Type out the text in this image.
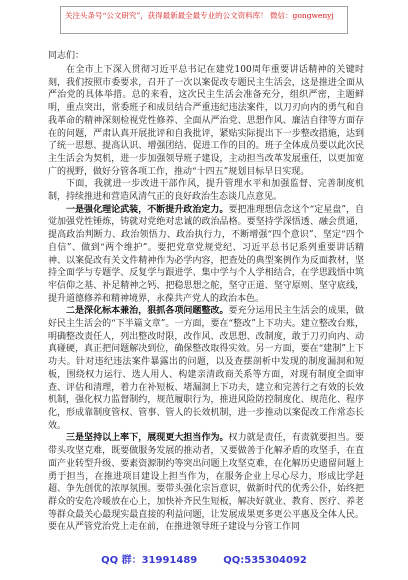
关注头条号“公文研究”，获得最新最全最专业的公文资料库！ 微信：gongwenyj
同志们：

在全市上下深入贯彻习近平总书记在建党100周年重要讲话精神的关键时刻，我们按照市委要求，召开了一次以案促改专题民主生活会，这是推进全面从严治党的具体举措。总的来看，这次民主生活会准备充分，组织严密，主题鲜明，重点突出，常委班子和成员结合严重违纪违法案件，以刀刃向内的勇气和自我革命的精神深刻检视党性修养、全面从严治党、思想作风、廉洁自律等方面存在的问题，严肃认真开展批评和自我批评，紧贴实际提出下一步整改措施，达到了统一思想、提高认识、增强团结、促进工作的目的。班子全体成员要以此次民主生活会为契机，进一步加强领导班子建设，主动担当改革发展重任，以更加宽广的视野，做好分管各项工作，推动“十四五”规划目标早日实现。

下面，我就进一步改进干部作风，提升管理水平和加强监督、完善制度机制，持续推进和营造风清气正的良好政治生态谈几点意见。

一是强化理论武装，不断提升政治定力。要把准理想信念这个“定星盘”，自觉加强党性锤炼，铸就对党绝对忠诚的政治品格。要坚持学深悟透、融会贯通，提高政治判断力、政治领悟力、政治执行力，不断增强“四个意识”、坚定“四个自信”、做到“两个维护”。要把党章党规党纪、习近平总书记系列重要讲话精神、以案促改有关文件精神作为必学内容，把查处的典型案例作为反面教材，坚持全面学与专题学、反复学与跟进学、集中学与个人学相结合，在学思践悟中筑牢信仰之基、补足精神之钙、把稳思想之舵，坚守正道、坚守原则、坚守底线，提升道德修养和精神境界，永葆共产党人的政治本色。

二是深化标本兼治，狠抓各项问题整改。要充分运用民主生活会的成果，做好民主生活会的“下半篇文章”。一方面，要在“整改”上下功夫。建立整改台账，明确整改责任人，列出整改时限，改作风、改思想、改制度，敢于刀刃向内、动真碰硬，真正把问题解决到位，确保整改取得实效。另一方面，要在“建制”上下功夫。针对违纪违法案件暴露出的问题，以及查摆剖析中发现的制度漏洞和短板，围绕权力运行、选人用人、构建亲清政商关系等方面，对现有制度全面审查、评估和清理，着力在补短板、堵漏洞上下功夫，建立和完善行之有效的长效机制，强化权力监督制约，规范履职行为，推进风险防控制度化、规范化、程序化，形成靠制度管权、管事、管人的长效机制，进一步推动以案促改工作常态长效。

三是坚持以上率下，展现更大担当作为。权力就是责任，有责就要担当。要带头攻坚克难，既要做服务发展的推动者，又要做善于化解矛盾的攻坚手，在直面产业转型升级、要素资源制约等突出问题上攻坚克难，在化解历史遗留问题上勇于担当，在推进项目建设上担当作为，在服务企业上尽心尽力，形成比学赶超、争先创优的浓厚氛围。要带头强化宗旨意识，做新时代的优秀公仆，始终把群众的安危冷暖放在心上，加快补齐民生短板，解决好就业、教育、医疗、养老等群众最关心最现实最直接的利益问题，让发展成果更多更公平惠及全体人民。要在从严管党治党上走在前，在推进领导班子建设与分管工作同

QQ 群：31991489	QQ:535304092
